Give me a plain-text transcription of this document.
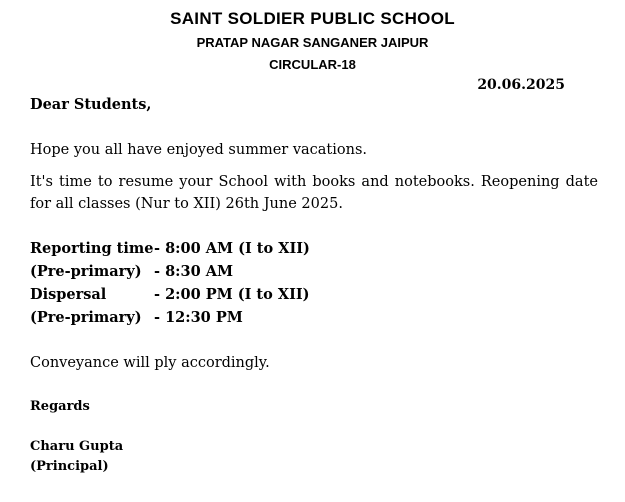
SAINT SOLDIER PUBLIC SCHOOL
PRATAP NAGAR SANGANER JAIPUR
CIRCULAR-18
20.06.2025
Dear Students,
Hope you all have enjoyed summer vacations.
It's time to resume your School with books and notebooks. Reopening date for all classes (Nur to XII) 26th June 2025.
Reporting time- 8:00 AM (I to XII)
(Pre-primary) - 8:30 AM
Dispersal	- 2:00 PM (I to XII)
(Pre-primary) - 12:30 PM
Conveyance will ply accordingly.
Regards
Charu Gupta
(Principal)
